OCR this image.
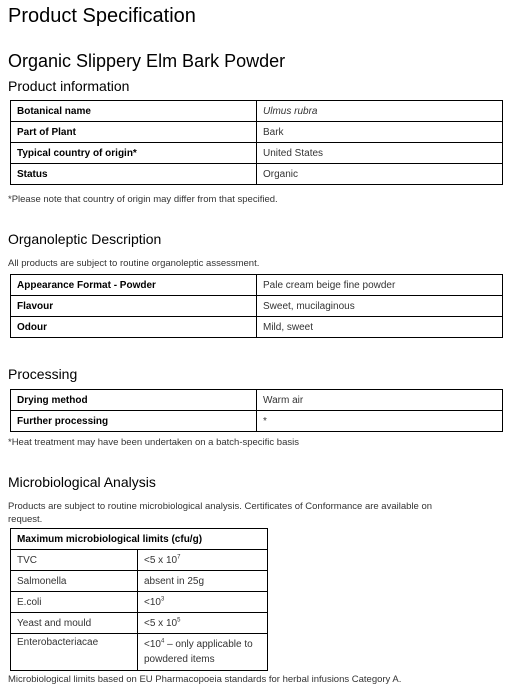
Product Specification
Organic Slippery Elm Bark Powder
Product information
Botanical name	Ulmus rubra
Part of Plant	Bark
Typical country of origin*	United States
Status	Organic
*Please note that country of origin may differ from that specified.
Organoleptic Description
All products are subject to routine organoleptic assessment.
Appearance Format - Powder	Pale cream beige fine powder
Flavour	Sweet, mucilaginous
Odour	Mild, sweet
Processing
Drying method	Warm air
Further processing	*
*Heat treatment may have been undertaken on a batch-specific basis
Microbiological Analysis
Products are subject to routine microbiological analysis. Certificates of Conformance are available on
request.
Maximum microbiological limits (cfu/g)	
TVC	<5 x $10^7$
Salmonella	absent in 25g
E.coli	$<10^3$
Yeast and mould	<5 x $10^5$
Enterobacteriacae	$<10^4$ – only applicable to
powdered items
Microbiological limits based on EU Pharmacopoeia standards for herbal infusions Category A.
